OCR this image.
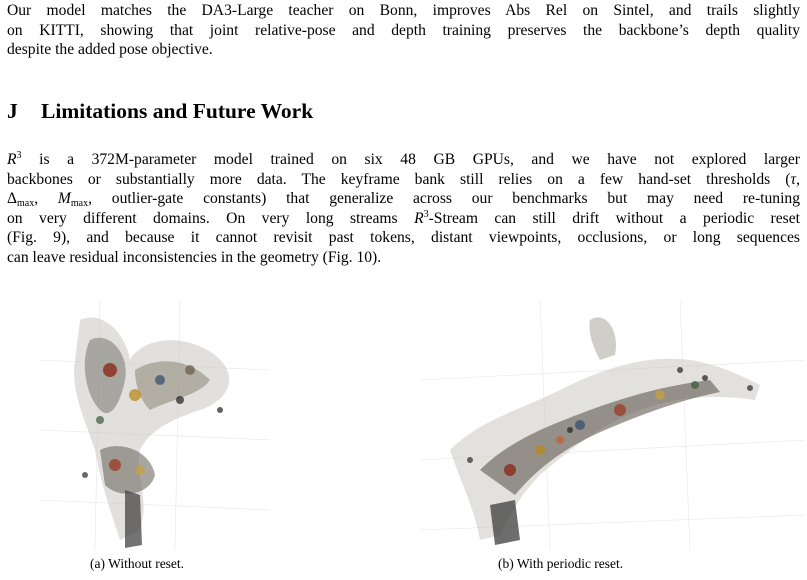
Our model matches the DA3-Large teacher on Bonn, improves Abs Rel on Sintel, and trails slightly
on KITTI, showing that joint relative-pose and depth training preserves the backbone’s depth quality
despite the added pose objective.

J Limitations and Future Work

$R^3$ is a 372M-parameter model trained on six 48 GB GPUs, and we have not explored larger
backbones or substantially more data. The keyframe bank still relies on a few hand-set thresholds (τ,
$\Delta_{max}$, $M_{max}$, outlier-gate constants) that generalize across our benchmarks but may need re-tuning
on very different domains. On very long streams $R^3$-Stream can still drift without a periodic reset
(Fig. 9), and because it cannot revisit past tokens, distant viewpoints, occlusions, or long sequences
can leave residual inconsistencies in the geometry (Fig. 10).

(a) Without reset.	(b) With periodic reset.
